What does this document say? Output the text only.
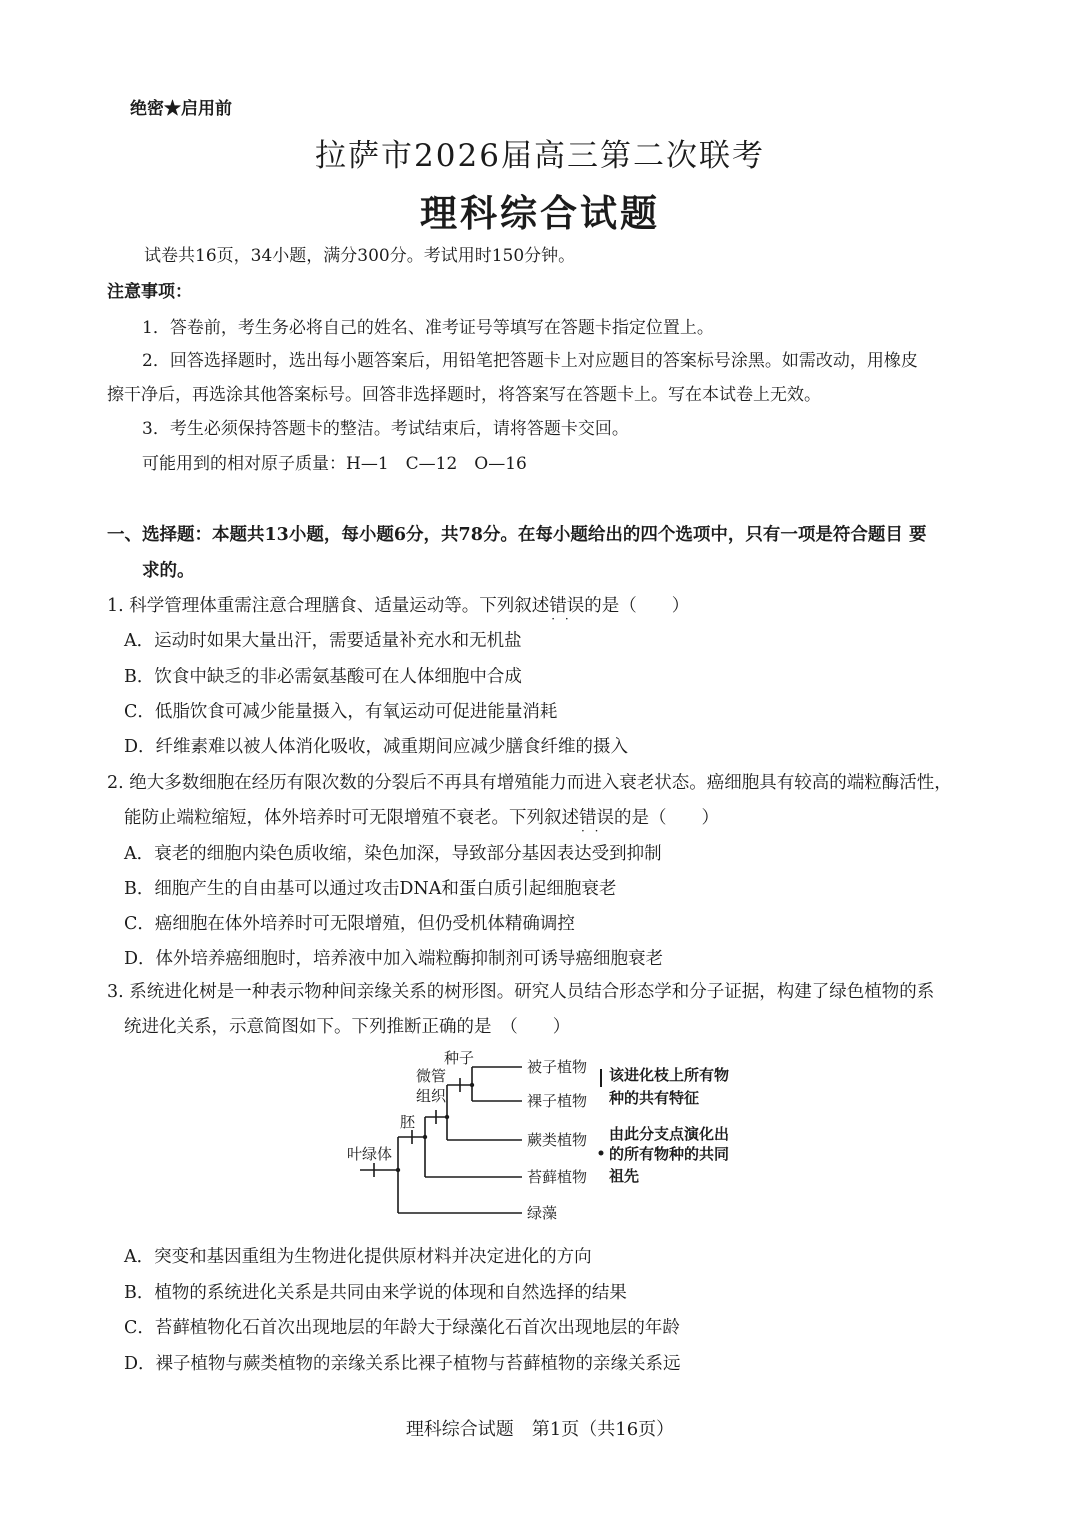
绝密★启用前
拉萨市2026届高三第二次联考
理科综合试题
试卷共16页，34小题，满分300分。考试用时150分钟。
注意事项：
1．答卷前，考生务必将自己的姓名、准考证号等填写在答题卡指定位置上。
2．回答选择题时，选出每小题答案后，用铅笔把答题卡上对应题目的答案标号涂黑。如需改动，用橡皮
擦干净后，再选涂其他答案标号。回答非选择题时，将答案写在答题卡上。写在本试卷上无效。
3．考生必须保持答题卡的整洁。考试结束后，请将答题卡交回。
可能用到的相对原子质量：H—1　C—12　O—16
一、选择题：本题共13小题，每小题6分，共78分。在每小题给出的四个选项中，只有一项是符合题目 要
求的。
1. 科学管理体重需注意合理膳食、适量运动等。下列叙述错误 · ·的是（　　）
A．运动时如果大量出汗，需要适量补充水和无机盐
B．饮食中缺乏的非必需氨基酸可在人体细胞中合成
C．低脂饮食可减少能量摄入，有氧运动可促进能量消耗
D．纤维素难以被人体消化吸收，减重期间应减少膳食纤维的摄入
2. 绝大多数细胞在经历有限次数的分裂后不再具有增殖能力而进入衰老状态。癌细胞具有较高的端粒酶活性，
能防止端粒缩短，体外培养时可无限增殖不衰老。下列叙述错误 · ·的是（　　）
A．衰老的细胞内染色质收缩，染色加深，导致部分基因表达受到抑制
B．细胞产生的自由基可以通过攻击DNA和蛋白质引起细胞衰老
C．癌细胞在体外培养时可无限增殖，但仍受机体精确调控
D．体外培养癌细胞时，培养液中加入端粒酶抑制剂可诱导癌细胞衰老
3. 系统进化树是一种表示物种间亲缘关系的树形图。研究人员结合形态学和分子证据，构建了绿色植物的系
统进化关系，示意简图如下。下列推断正确的是　（　　）
种子
微管
组织
胚
叶绿体
被子植物
裸子植物
蕨类植物
苔藓植物
绿藻
该进化枝上所有物
种的共有特征
由此分支点演化出
的所有物种的共同
祖先
A．突变和基因重组为生物进化提供原材料并决定进化的方向
B．植物的系统进化关系是共同由来学说的体现和自然选择的结果
C．苔藓植物化石首次出现地层的年龄大于绿藻化石首次出现地层的年龄
D．裸子植物与蕨类植物的亲缘关系比裸子植物与苔藓植物的亲缘关系远
理科综合试题　第1页（共16页）
